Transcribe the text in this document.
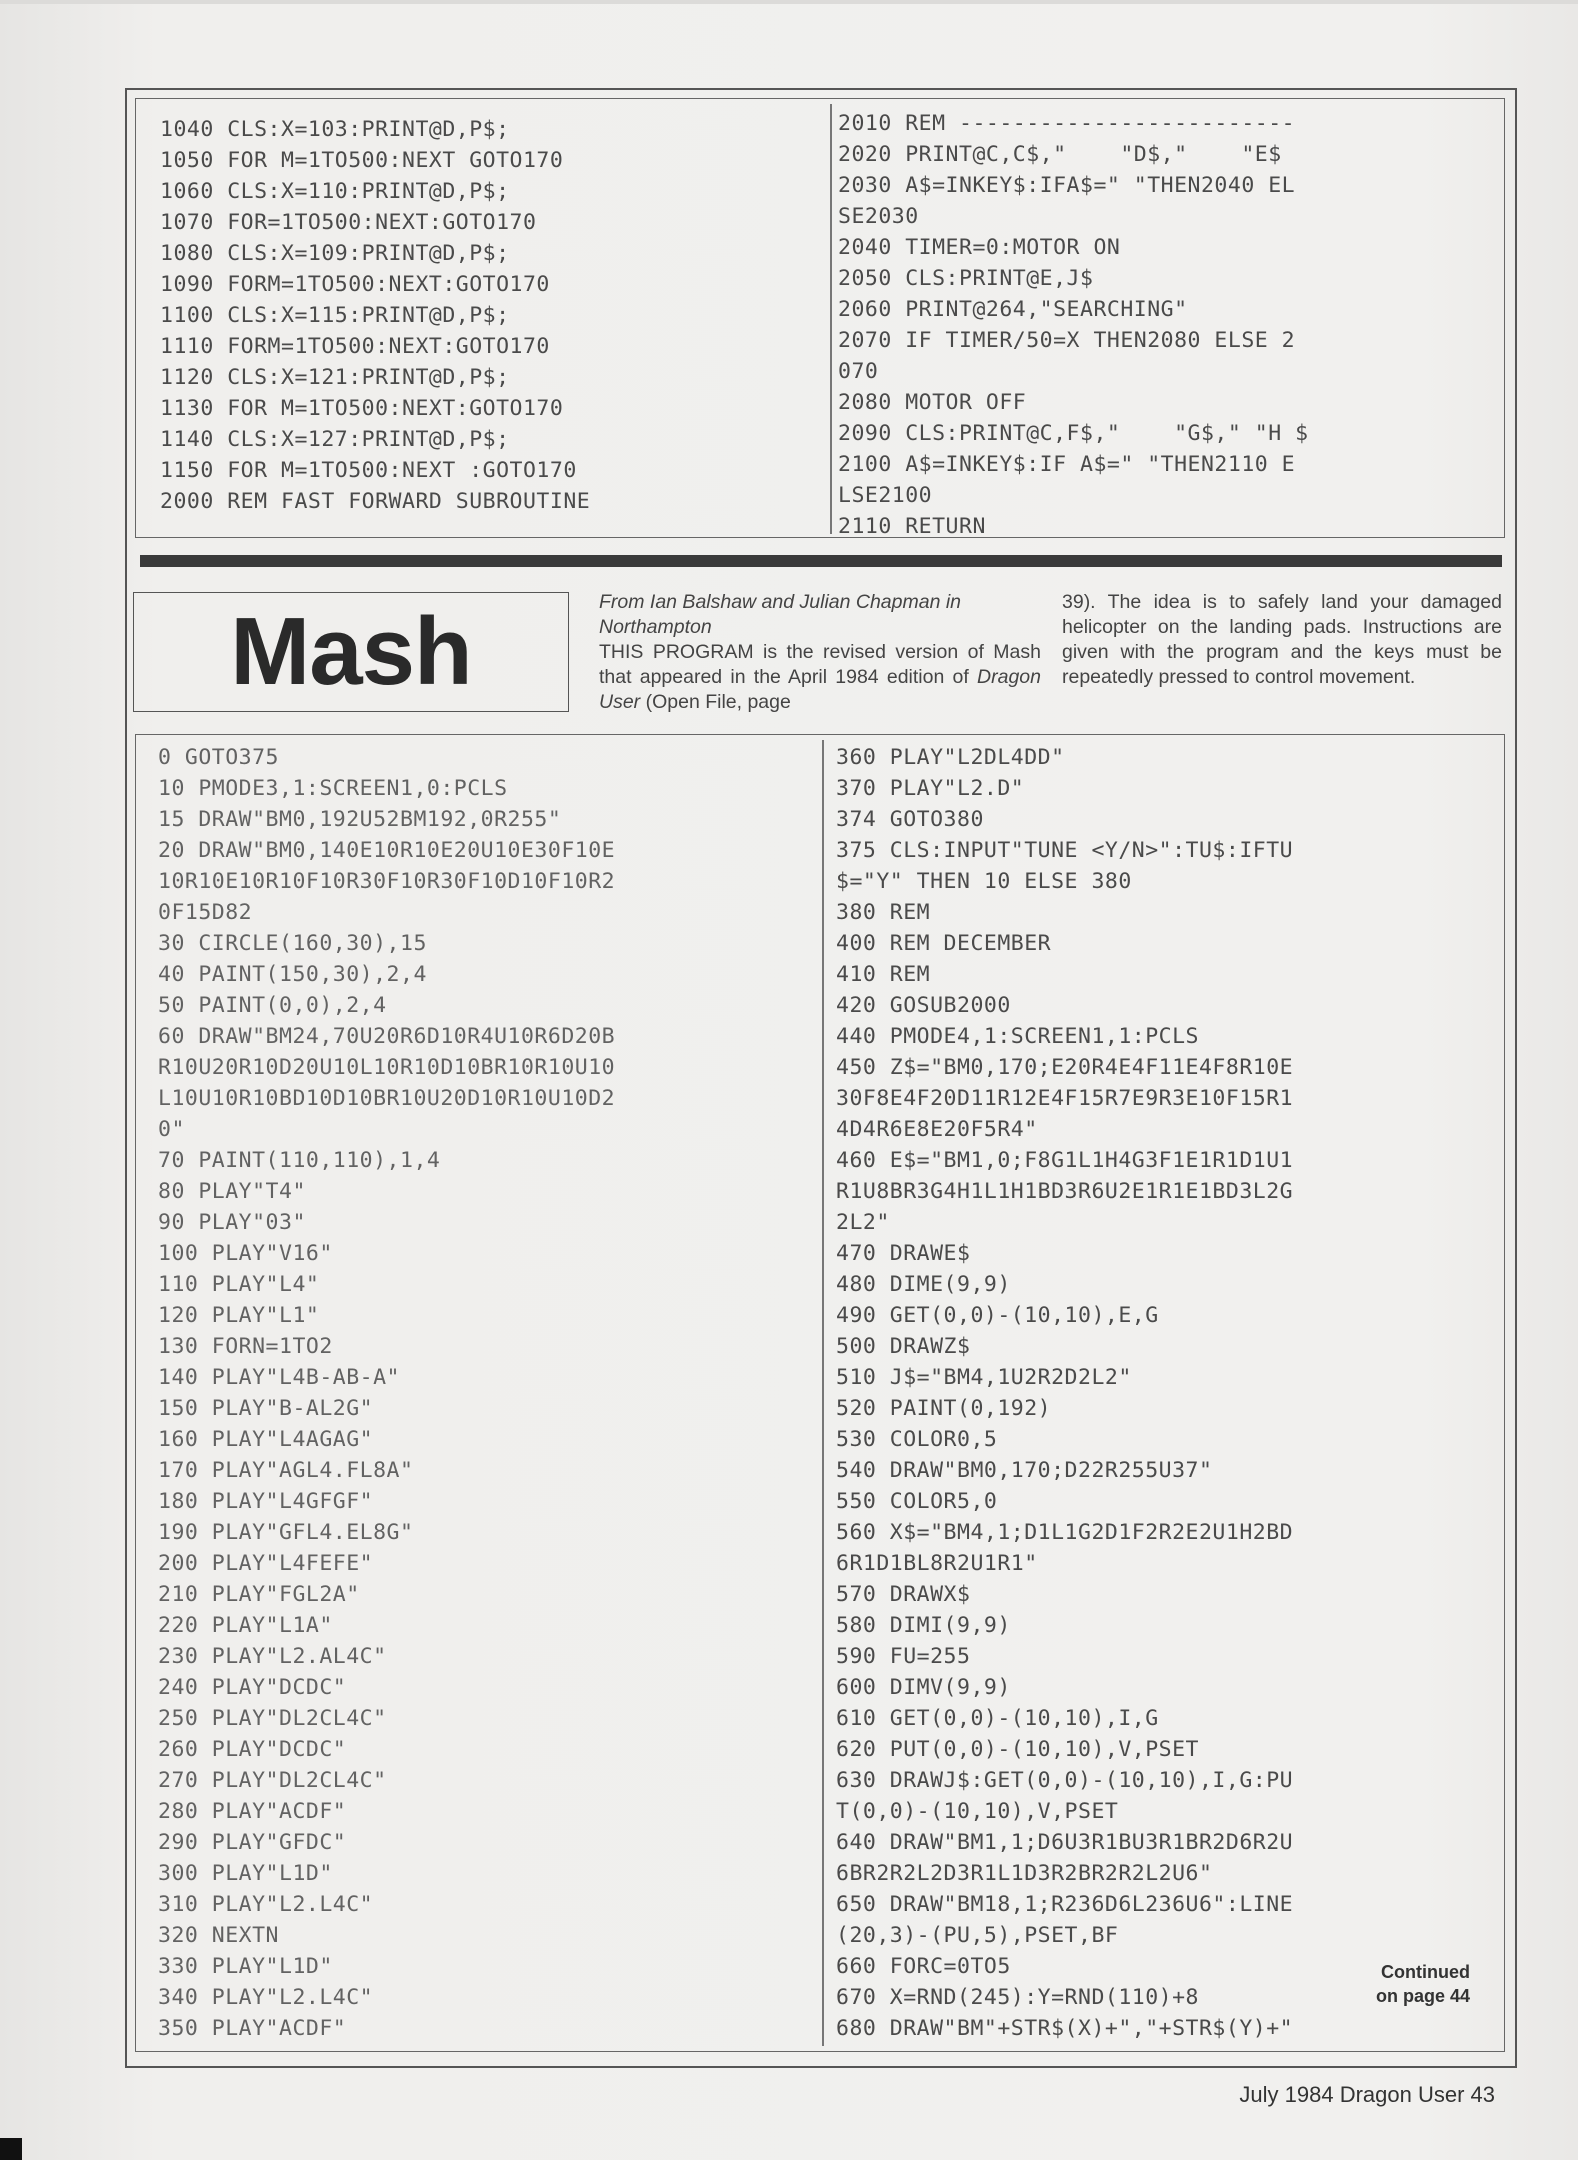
1040 CLS:X=103:PRINT@D,P$;
1050 FOR M=1TO500:NEXT GOTO170
1060 CLS:X=110:PRINT@D,P$;
1070 FOR=1TO500:NEXT:GOTO170
1080 CLS:X=109:PRINT@D,P$;
1090 FORM=1TO500:NEXT:GOTO170
1100 CLS:X=115:PRINT@D,P$;
1110 FORM=1TO500:NEXT:GOTO170
1120 CLS:X=121:PRINT@D,P$;
1130 FOR M=1TO500:NEXT:GOTO170
1140 CLS:X=127:PRINT@D,P$;
1150 FOR M=1TO500:NEXT :GOTO170
2000 REM FAST FORWARD SUBROUTINE
2010 REM -------------------------
2020 PRINT@C,C$,"    "D$,"    "E$
2030 A$=INKEY$:IFA$=" "THEN2040 EL
SE2030
2040 TIMER=0:MOTOR ON
2050 CLS:PRINT@E,J$
2060 PRINT@264,"SEARCHING"
2070 IF TIMER/50=X THEN2080 ELSE 2
070
2080 MOTOR OFF
2090 CLS:PRINT@C,F$,"    "G$," "H $
2100 A$=INKEY$:IF A$=" "THEN2110 E
LSE2100
2110 RETURN
Mash	From Ian Balshaw and Julian Chapman in Northampton
THIS PROGRAM is the revised version of Mash that appeared in the April 1984 edition of Dragon User (Open File, page
39). The idea is to safely land your damaged helicopter on the landing pads. Instructions are given with the program and the keys must be repeatedly pressed to control movement.
0 GOTO375
10 PMODE3,1:SCREEN1,0:PCLS
15 DRAW"BM0,192U52BM192,0R255"
20 DRAW"BM0,140E10R10E20U10E30F10E
10R10E10R10F10R30F10R30F10D10F10R2
0F15D82
30 CIRCLE(160,30),15
40 PAINT(150,30),2,4
50 PAINT(0,0),2,4
60 DRAW"BM24,70U20R6D10R4U10R6D20B
R10U20R10D20U10L10R10D10BR10R10U10
L10U10R10BD10D10BR10U20D10R10U10D2
0"
70 PAINT(110,110),1,4
80 PLAY"T4"
90 PLAY"03"
100 PLAY"V16"
110 PLAY"L4"
120 PLAY"L1"
130 FORN=1TO2
140 PLAY"L4B-AB-A"
150 PLAY"B-AL2G"
160 PLAY"L4AGAG"
170 PLAY"AGL4.FL8A"
180 PLAY"L4GFGF"
190 PLAY"GFL4.EL8G"
200 PLAY"L4FEFE"
210 PLAY"FGL2A"
220 PLAY"L1A"
230 PLAY"L2.AL4C"
240 PLAY"DCDC"
250 PLAY"DL2CL4C"
260 PLAY"DCDC"
270 PLAY"DL2CL4C"
280 PLAY"ACDF"
290 PLAY"GFDC"
300 PLAY"L1D"
310 PLAY"L2.L4C"
320 NEXTN
330 PLAY"L1D"
340 PLAY"L2.L4C"
350 PLAY"ACDF"
360 PLAY"L2DL4DD"
370 PLAY"L2.D"
374 GOTO380
375 CLS:INPUT"TUNE <Y/N>":TU$:IFTU
$="Y" THEN 10 ELSE 380
380 REM
400 REM DECEMBER
410 REM
420 GOSUB2000
440 PMODE4,1:SCREEN1,1:PCLS
450 Z$="BM0,170;E20R4E4F11E4F8R10E
30F8E4F20D11R12E4F15R7E9R3E10F15R1
4D4R6E8E20F5R4"
460 E$="BM1,0;F8G1L1H4G3F1E1R1D1U1
R1U8BR3G4H1L1H1BD3R6U2E1R1E1BD3L2G
2L2"
470 DRAWE$
480 DIME(9,9)
490 GET(0,0)-(10,10),E,G
500 DRAWZ$
510 J$="BM4,1U2R2D2L2"
520 PAINT(0,192)
530 COLOR0,5
540 DRAW"BM0,170;D22R255U37"
550 COLOR5,0
560 X$="BM4,1;D1L1G2D1F2R2E2U1H2BD
6R1D1BL8R2U1R1"
570 DRAWX$
580 DIMI(9,9)
590 FU=255
600 DIMV(9,9)
610 GET(0,0)-(10,10),I,G
620 PUT(0,0)-(10,10),V,PSET
630 DRAWJ$:GET(0,0)-(10,10),I,G:PU
T(0,0)-(10,10),V,PSET
640 DRAW"BM1,1;D6U3R1BU3R1BR2D6R2U
6BR2R2L2D3R1L1D3R2BR2R2L2U6"
650 DRAW"BM18,1;R236D6L236U6":LINE
(20,3)-(PU,5),PSET,BF
660 FORC=0TO5
670 X=RND(245):Y=RND(110)+8
680 DRAW"BM"+STR$(X)+","+STR$(Y)+"
Continued on page 44
July 1984 Dragon User 43
